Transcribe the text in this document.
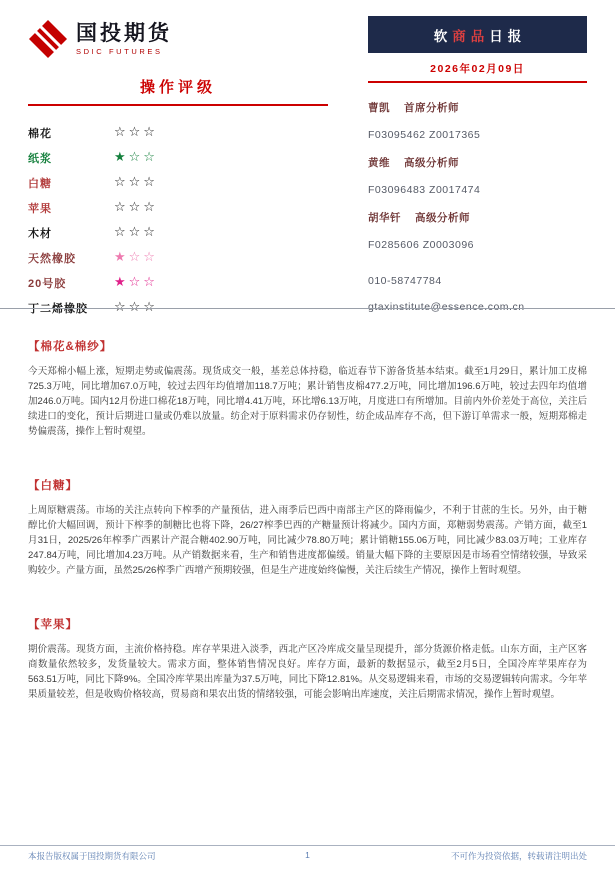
国投期货
SDIC FUTURES
操作评级
棉花	☆☆☆
纸浆	★☆☆
白糖	☆☆☆
苹果	☆☆☆
木材	☆☆☆
天然橡胶	★☆☆
20号胶	★☆☆
丁二烯橡胶	☆☆☆
软商品日报
2026年02月09日
曹凯 首席分析师
F03095462 Z0017365
黄维 高级分析师
F03096483 Z0017474
胡华钎 高级分析师
F0285606 Z0003096
010-58747784
gtaxinstitute@essence.com.cn
【棉花&棉纱】

今天郑棉小幅上涨，短期走势或偏震荡。现货成交一般，基差总体持稳，临近春节下游备货基本结束。截至1月29日，累计加工皮棉725.3万吨，同比增加67.0万吨，较过去四年均值增加118.7万吨；累计销售皮棉477.2万吨，同比增加196.6万吨，较过去四年均值增加246.0万吨。国内12月份进口棉花18万吨，同比增4.41万吨，环比增6.13万吨，月度进口有所增加。目前内外价差处于高位，关注后续进口的变化，预计后期进口量或仍难以放量。纺企对于原料需求仍存韧性，纺企成品库存不高，但下游订单需求一般，短期郑棉走势偏震荡，操作上暂时观望。

【白糖】

上周原糖震荡。市场的关注点转向下榨季的产量预估，进入雨季后巴西中南部主产区的降雨偏少，不利于甘蔗的生长。另外，由于糖醇比价大幅回调，预计下榨季的制糖比也将下降，26/27榨季巴西的产糖量预计将减少。国内方面，郑糖弱势震荡。产销方面，截至1月31日，2025/26年榨季广西累计产混合糖402.90万吨，同比减少78.80万吨；累计销糖155.06万吨，同比减少83.03万吨；工业库存247.84万吨，同比增加4.23万吨。从产销数据来看，生产和销售进度都偏缓。销量大幅下降的主要原因是市场看空情绪较强，导致采购较少。产量方面，虽然25/26榨季广西增产预期较强，但是生产进度始终偏慢，关注后续生产情况，操作上暂时观望。

【苹果】

期价震荡。现货方面，主流价格持稳。库存苹果进入淡季，西北产区冷库成交量呈现提升，部分货源价格走低。山东方面，主产区客商数量依然较多，发货量较大。需求方面，整体销售情况良好。库存方面，最新的数据显示，截至2月5日，全国冷库苹果库存为563.51万吨，同比下降9%。全国冷库苹果出库量为37.5万吨，同比下降12.81%。从交易逻辑来看，市场的交易逻辑转向需求。今年苹果质量较差，但是收购价格较高，贸易商和果农出货的情绪较强，可能会影响出库速度，关注后期需求情况，操作上暂时观望。

本报告版权属于国投期货有限公司	1	不可作为投资依据，转载请注明出处
